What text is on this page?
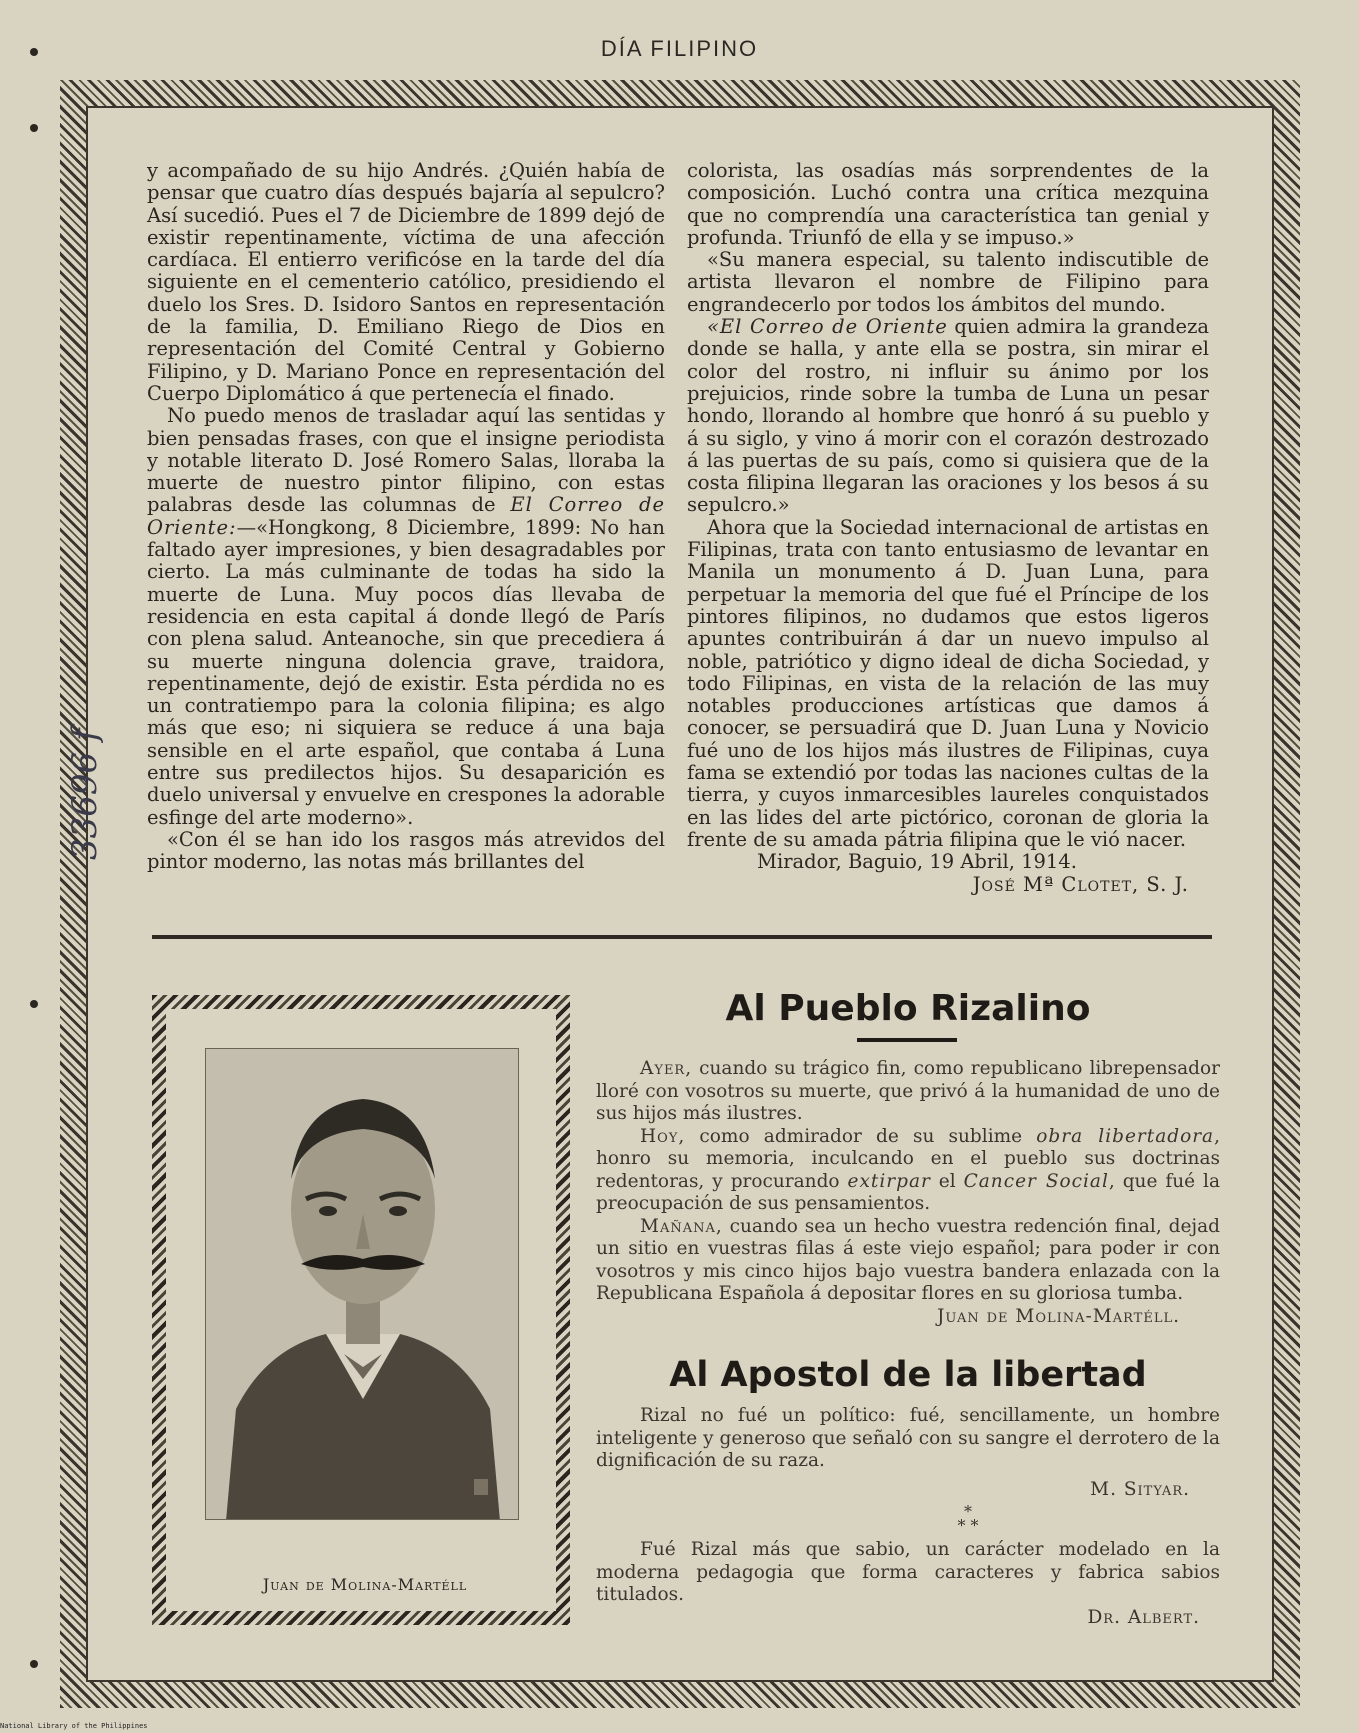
DÍA FILIPINO
33696 f

y acompañado de su hijo Andrés. ¿Quién había de pensar que cuatro días después bajaría al sepulcro? Así sucedió. Pues el 7 de Diciembre de 1899 dejó de existir repentinamente, víctima de una afección cardíaca. El entierro verificóse en la tarde del día siguiente en el cementerio católico, presidiendo el duelo los Sres. D. Isidoro Santos en representación de la familia, D. Emiliano Riego de Dios en representación del Comité Central y Gobierno Filipino, y D. Mariano Ponce en representación del Cuerpo Diplomático á que pertenecía el finado.

No puedo menos de trasladar aquí las sentidas y bien pensadas frases, con que el insigne periodista y notable literato D. José Romero Salas, lloraba la muerte de nuestro pintor filipino, con estas palabras desde las columnas de El Correo de Oriente:—«Hongkong, 8 Diciembre, 1899: No han faltado ayer impresiones, y bien desagradables por cierto. La más culminante de todas ha sido la muerte de Luna. Muy pocos días llevaba de residencia en esta capital á donde llegó de París con plena salud. Anteanoche, sin que precediera á su muerte ninguna dolencia grave, traidora, repentinamente, dejó de existir. Esta pérdida no es un contratiempo para la colonia filipina; es algo más que eso; ni siquiera se reduce á una baja sensible en el arte español, que contaba á Luna entre sus predilectos hijos. Su desaparición es duelo universal y envuelve en crespones la adorable esfinge del arte moderno».

«Con él se han ido los rasgos más atrevidos del pintor moderno, las notas más brillantes del

colorista, las osadías más sorprendentes de la composición. Luchó contra una crítica mezquina que no comprendía una característica tan genial y profunda. Triunfó de ella y se impuso.»

«Su manera especial, su talento indiscutible de artista llevaron el nombre de Filipino para engrandecerlo por todos los ámbitos del mundo.

«El Correo de Oriente quien admira la grandeza donde se halla, y ante ella se postra, sin mirar el color del rostro, ni influir su ánimo por los prejuicios, rinde sobre la tumba de Luna un pesar hondo, llorando al hombre que honró á su pueblo y á su siglo, y vino á morir con el corazón destrozado á las puertas de su país, como si quisiera que de la costa filipina llegaran las oraciones y los besos á su sepulcro.»

Ahora que la Sociedad internacional de artistas en Filipinas, trata con tanto entusiasmo de levantar en Manila un monumento á D. Juan Luna, para perpetuar la memoria del que fué el Príncipe de los pintores filipinos, no dudamos que estos ligeros apuntes contribuirán á dar un nuevo impulso al noble, patriótico y digno ideal de dicha Sociedad, y todo Filipinas, en vista de la relación de las muy notables producciones artísticas que damos á conocer, se persuadirá que D. Juan Luna y Novicio fué uno de los hijos más ilustres de Filipinas, cuya fama se extendió por todas las naciones cultas de la tierra, y cuyos inmarcesibles laureles conquistados en las lides del arte pictórico, coronan de gloria la frente de su amada pátria filipina que le vió nacer.

Mirador, Baguio, 19 Abril, 1914.

José Mª Clotet, S. J.

Juan de Molina-Martéll
Al Pueblo Rizalino

Ayer, cuando su trágico fin, como republicano librepensador lloré con vosotros su muerte, que privó á la humanidad de uno de sus hijos más ilustres.

Hoy, como admirador de su sublime obra libertadora, honro su memoria, inculcando en el pueblo sus doctrinas redentoras, y procurando extirpar el Cancer Social, que fué la preocupación de sus pensamientos.

Mañana, cuando sea un hecho vuestra redención final, dejad un sitio en vuestras filas á este viejo español; para poder ir con vosotros y mis cinco hijos bajo vuestra bandera enlazada con la Republicana Española á depositar flores en su gloriosa tumba.

Juan de Molina-Martéll.

Al Apostol de la libertad

Rizal no fué un político: fué, sencillamente, un hombre inteligente y generoso que señaló con su sangre el derrotero de la dignificación de su raza.

M. Sityar.

*
* *

Fué Rizal más que sabio, un carácter modelado en la moderna pedagogia que forma caracteres y fabrica sabios titulados.

Dr. Albert.

National Library of the Philippines
